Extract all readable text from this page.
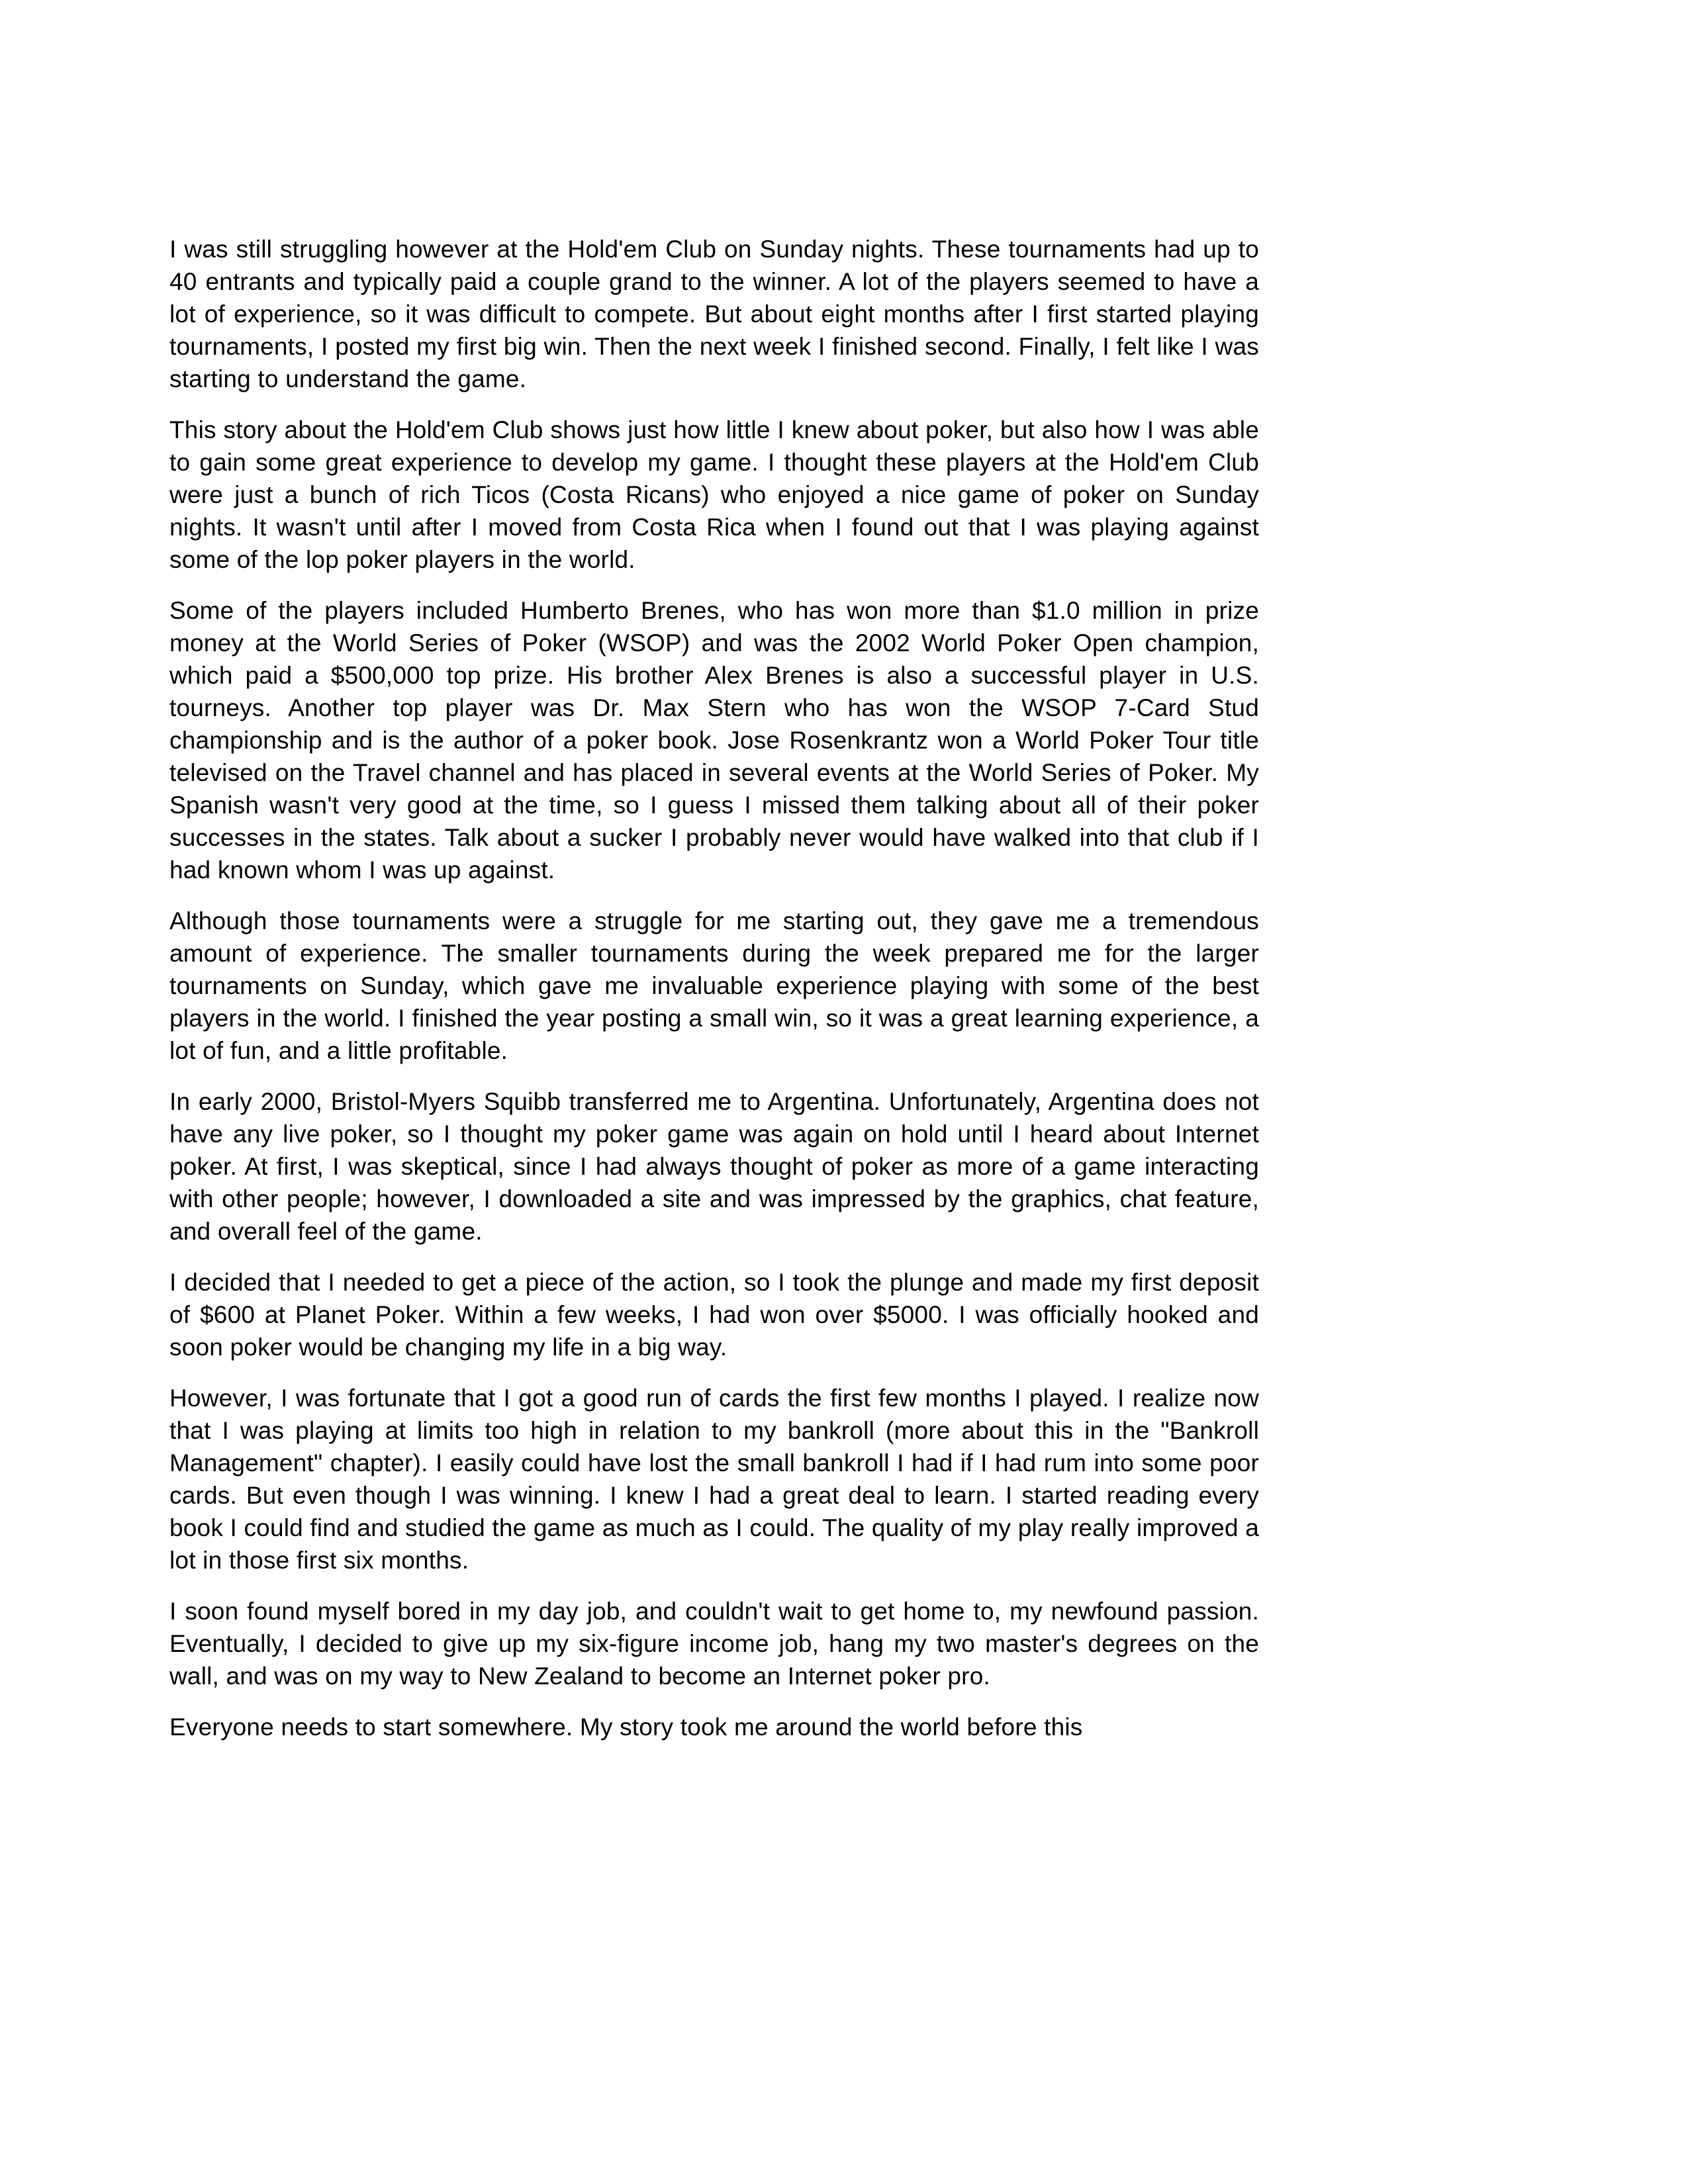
I was still struggling however at the Hold'em Club on Sunday nights. These tournaments had up to 40 entrants and typically paid a couple grand to the winner. A lot of the players seemed to have a lot of experience, so it was difficult to compete. But about eight months after I first started playing tournaments, I posted my first big win. Then the next week I finished second. Finally, I felt like I was starting to understand the game.

This story about the Hold'em Club shows just how little I knew about poker, but also how I was able to gain some great experience to develop my game. I thought these players at the Hold'em Club were just a bunch of rich Ticos (Costa Ricans) who enjoyed a nice game of poker on Sunday nights. It wasn't until after I moved from Costa Rica when I found out that I was playing against some of the lop poker players in the world.

Some of the players included Humberto Brenes, who has won more than $1.0 million in prize money at the World Series of Poker (WSOP) and was the 2002 World Poker Open champion, which paid a $500,000 top prize. His brother Alex Brenes is also a successful player in U.S. tourneys. Another top player was Dr. Max Stern who has won the WSOP 7-Card Stud championship and is the author of a poker book. Jose Rosenkrantz won a World Poker Tour title televised on the Travel channel and has placed in several events at the World Series of Poker. My Spanish wasn't very good at the time, so I guess I missed them talking about all of their poker successes in the states. Talk about a sucker I probably never would have walked into that club if I had known whom I was up against.

Although those tournaments were a struggle for me starting out, they gave me a tremendous amount of experience. The smaller tournaments during the week prepared me for the larger tournaments on Sunday, which gave me invaluable experience playing with some of the best players in the world. I finished the year posting a small win, so it was a great learning experience, a lot of fun, and a little profitable.

In early 2000, Bristol-Myers Squibb transferred me to Argentina. Unfortunately, Argentina does not have any live poker, so I thought my poker game was again on hold until I heard about Internet poker. At first, I was skeptical, since I had always thought of poker as more of a game interacting with other people; however, I downloaded a site and was impressed by the graphics, chat feature, and overall feel of the game.

I decided that I needed to get a piece of the action, so I took the plunge and made my first deposit of $600 at Planet Poker. Within a few weeks, I had won over $5000. I was officially hooked and soon poker would be changing my life in a big way.

However, I was fortunate that I got a good run of cards the first few months I played. I realize now that I was playing at limits too high in relation to my bankroll (more about this in the "Bankroll Management" chapter). I easily could have lost the small bankroll I had if I had rum into some poor cards. But even though I was winning. I knew I had a great deal to learn. I started reading every book I could find and studied the game as much as I could. The quality of my play really improved a lot in those first six months.

I soon found myself bored in my day job, and couldn't wait to get home to, my newfound passion. Eventually, I decided to give up my six-figure income job, hang my two master's degrees on the wall, and was on my way to New Zealand to become an Internet poker pro.

Everyone needs to start somewhere. My story took me around the world before this
